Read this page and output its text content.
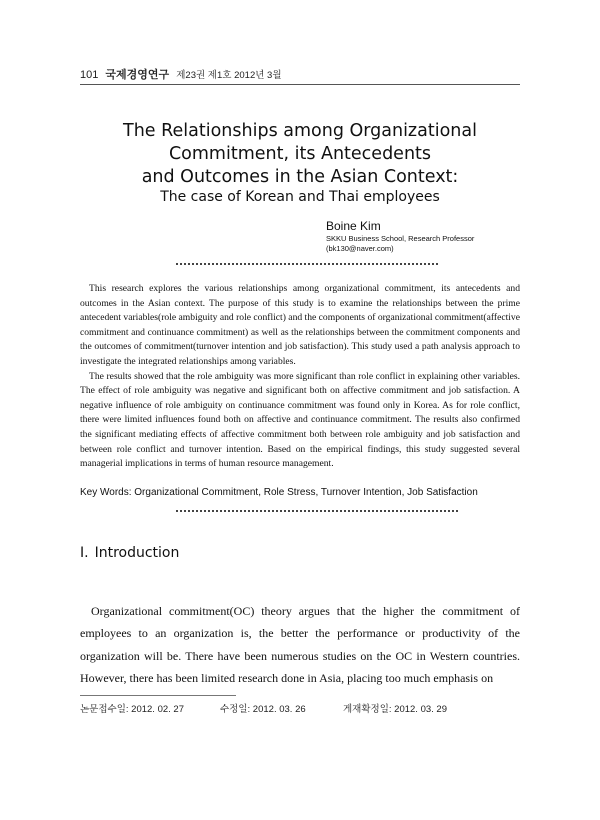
101 국제경영연구 제23권 제1호 2012년 3월
The Relationships among Organizational
Commitment, its Antecedents
and Outcomes in the Asian Context:
The case of Korean and Thai employees
Boine Kim
SKKU Business School, Research Professor
(bk130@naver.com)

This research explores the various relationships among organizational commitment, its antecedents and outcomes in the Asian context. The purpose of this study is to examine the relationships between the prime antecedent variables(role ambiguity and role conflict) and the components of organizational commitment(affective commitment and continuance commitment) as well as the relationships between the commitment components and the outcomes of commitment(turnover intention and job satisfaction). This study used a path analysis approach to investigate the integrated relationships among variables.

The results showed that the role ambiguity was more significant than role conflict in explaining other variables. The effect of role ambiguity was negative and significant both on affective commitment and job satisfaction. A negative influence of role ambiguity on continuance commitment was found only in Korea. As for role conflict, there were limited influences found both on affective and continuance commitment. The results also confirmed the significant mediating effects of affective commitment both between role ambiguity and job satisfaction and between role conflict and turnover intention. Based on the empirical findings, this study suggested several managerial implications in terms of human resource management.

Key Words: Organizational Commitment, Role Stress, Turnover Intention, Job Satisfaction
Ⅰ. Introduction

Organizational commitment(OC) theory argues that the higher the commitment of employees to an organization is, the better the performance or productivity of the organization will be. There have been numerous studies on the OC in Western countries. However, there has been limited research done in Asia, placing too much emphasis on

논문접수일: 2012. 02. 27	수정일: 2012. 03. 26	게재확정일: 2012. 03. 29
